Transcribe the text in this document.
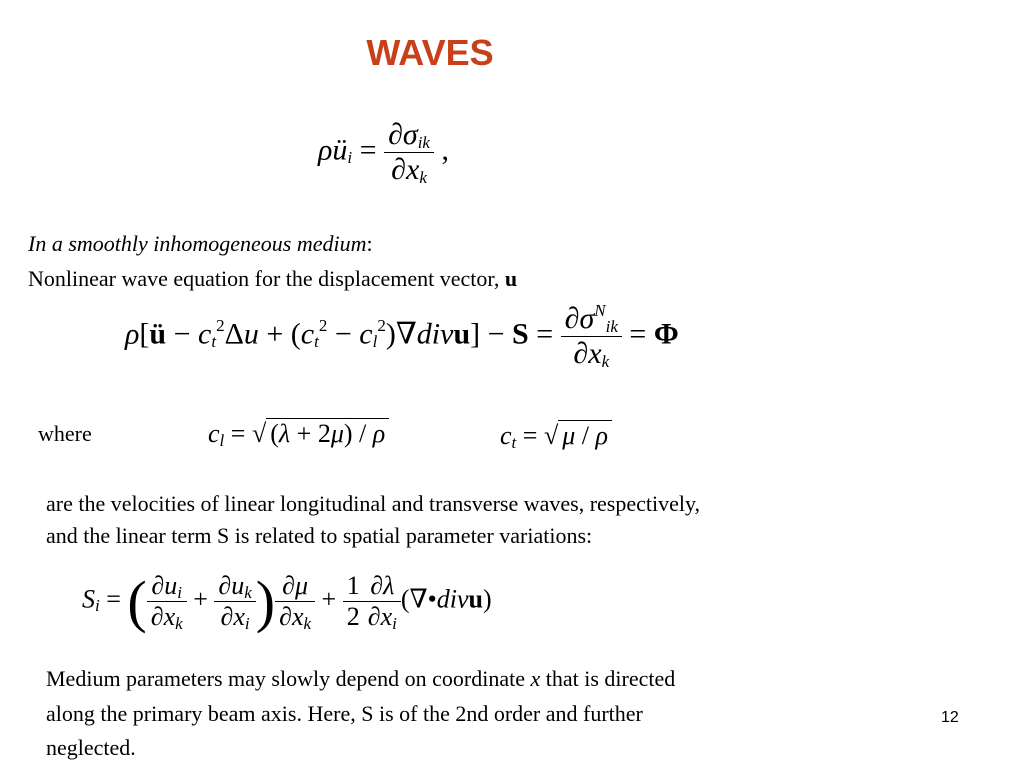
WAVES
$\rho ü_i = \frac{\partial\sigma_{ik}}{\partial x_k}$ ,
In a smoothly inhomogeneous medium:
Nonlinear wave equation for the displacement vector, u
ρ[ü − $c_t^2\Delta u + (c_t^2$ − $c_l^2)\nabla divu] - S = \frac{\partial\sigma^N_{ik}}{\partial x_k} = \Phi$
where	$c_l$ = √ (λ + 2μ) / ρ	$c_t$ = √ μ / ρ
are the velocities of linear longitudinal and transverse waves, respectively,
and the linear term S is related to spatial parameter variations:
$S_i$ = ( $\frac{\partial u_i}{\partial x_k} + \frac{\partial u_k}{\partial x_i}$ ) $\frac{\partial\mu}{\partial x_k} + \frac{1}{2} \frac{\partial\lambda}{\partial x_i}$ (∇•divu)
Medium parameters may slowly depend on coordinate x that is directed
along the primary beam axis. Here, S is of the 2nd order and further
neglected.
12
